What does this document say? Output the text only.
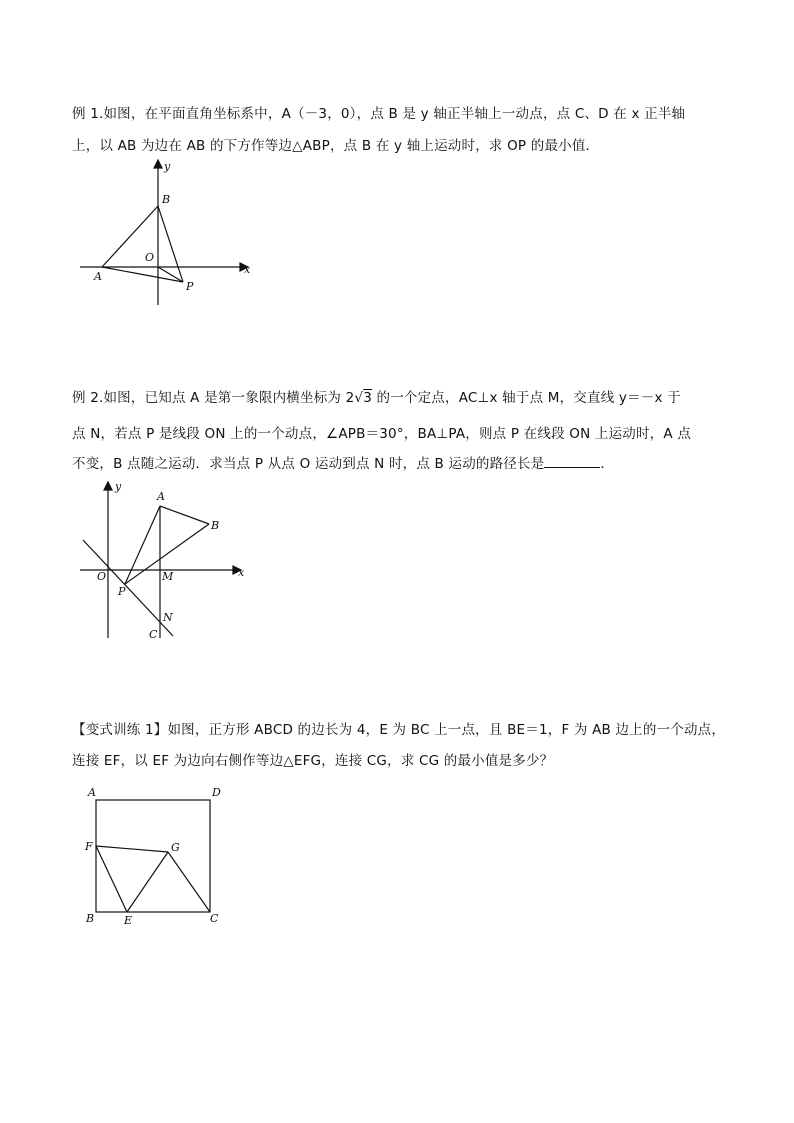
例 1.如图，在平面直角坐标系中，A（－3，0），点 B 是 y 轴正半轴上一动点，点 C、D 在 x 正半轴
上，以 AB 为边在 AB 的下方作等边△ABP，点 B 在 y 轴上运动时，求 OP 的最小值．
y
x
B
O
A
P
例 2.如图，已知点 A 是第一象限内横坐标为 2√3 的一个定点，AC⊥x 轴于点 M，交直线 y＝－x 于
点 N，若点 P 是线段 ON 上的一个动点，∠APB＝30°，BA⊥PA，则点 P 在线段 ON 上运动时，A 点
不变，B 点随之运动．求当点 P 从点 O 运动到点 N 时，点 B 运动的路径长是	．
y
x
A
B
O
P
M
N
C
【变式训练 1】如图，正方形 ABCD 的边长为 4，E 为 BC 上一点，且 BE＝1，F 为 AB 边上的一个动点，
连接 EF，以 EF 为边向右侧作等边△EFG，连接 CG，求 CG 的最小值是多少？
A	D
F	G
B	E	C
